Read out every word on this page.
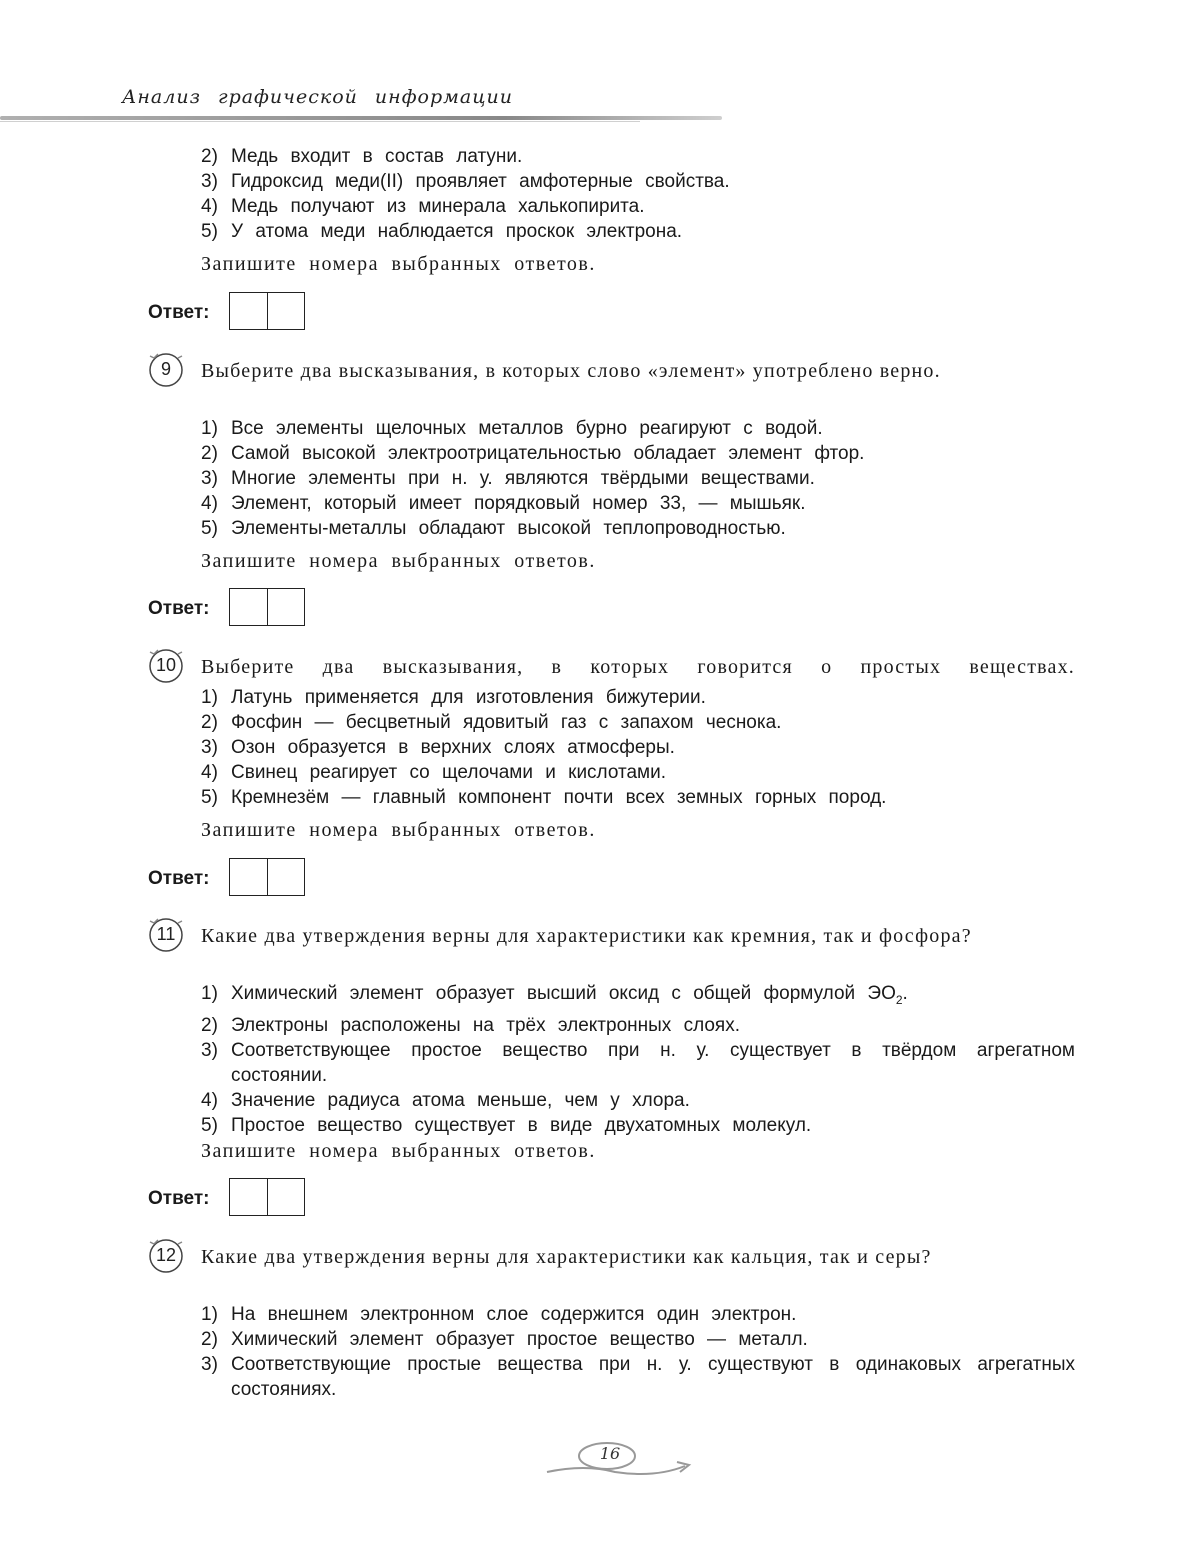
Анализ графической информации

2) Медь входит в состав латуни.

3) Гидроксид меди(II) проявляет амфотерные свойства.

4) Медь получают из минерала халькопирита.

5) У атома меди наблюдается проскок электрона.

Запишите номера выбранных ответов.
Ответ:
9	Выберите два высказывания, в которых слово «элемент» употреблено верно.

1) Все элементы щелочных металлов бурно реагируют с водой.

2) Самой высокой электроотрицательностью обладает элемент фтор.

3) Многие элементы при н. у. являются твёрдыми веществами.

4) Элемент, который имеет порядковый номер 33, — мышьяк.

5) Элементы-металлы обладают высокой теплопроводностью.

Запишите номера выбранных ответов.
Ответ:
10	Выберите два высказывания, в которых говорится о простых веществах.

1) Латунь применяется для изготовления бижутерии.

2) Фосфин — бесцветный ядовитый газ с запахом чеснока.

3) Озон образуется в верхних слоях атмосферы.

4) Свинец реагирует со щелочами и кислотами.

5) Кремнезём — главный компонент почти всех земных горных пород.

Запишите номера выбранных ответов.
Ответ:
11	Какие два утверждения верны для характеристики как кремния, так и фосфора?

1) Химический элемент образует высший оксид с общей формулой $ЭО_2$.

2) Электроны расположены на трёх электронных слоях.

3) Соответствующее простое вещество при н. у. существует в твёрдом агрегатном состоянии.

4) Значение радиуса атома меньше, чем у хлора.

5) Простое вещество существует в виде двухатомных молекул.

Запишите номера выбранных ответов.
Ответ:
12	Какие два утверждения верны для характеристики как кальция, так и серы?

1) На внешнем электронном слое содержится один электрон.

2) Химический элемент образует простое вещество — металл.

3) Соответствующие простые вещества при н. у. существуют в одинаковых агрегатных состояниях.

16
